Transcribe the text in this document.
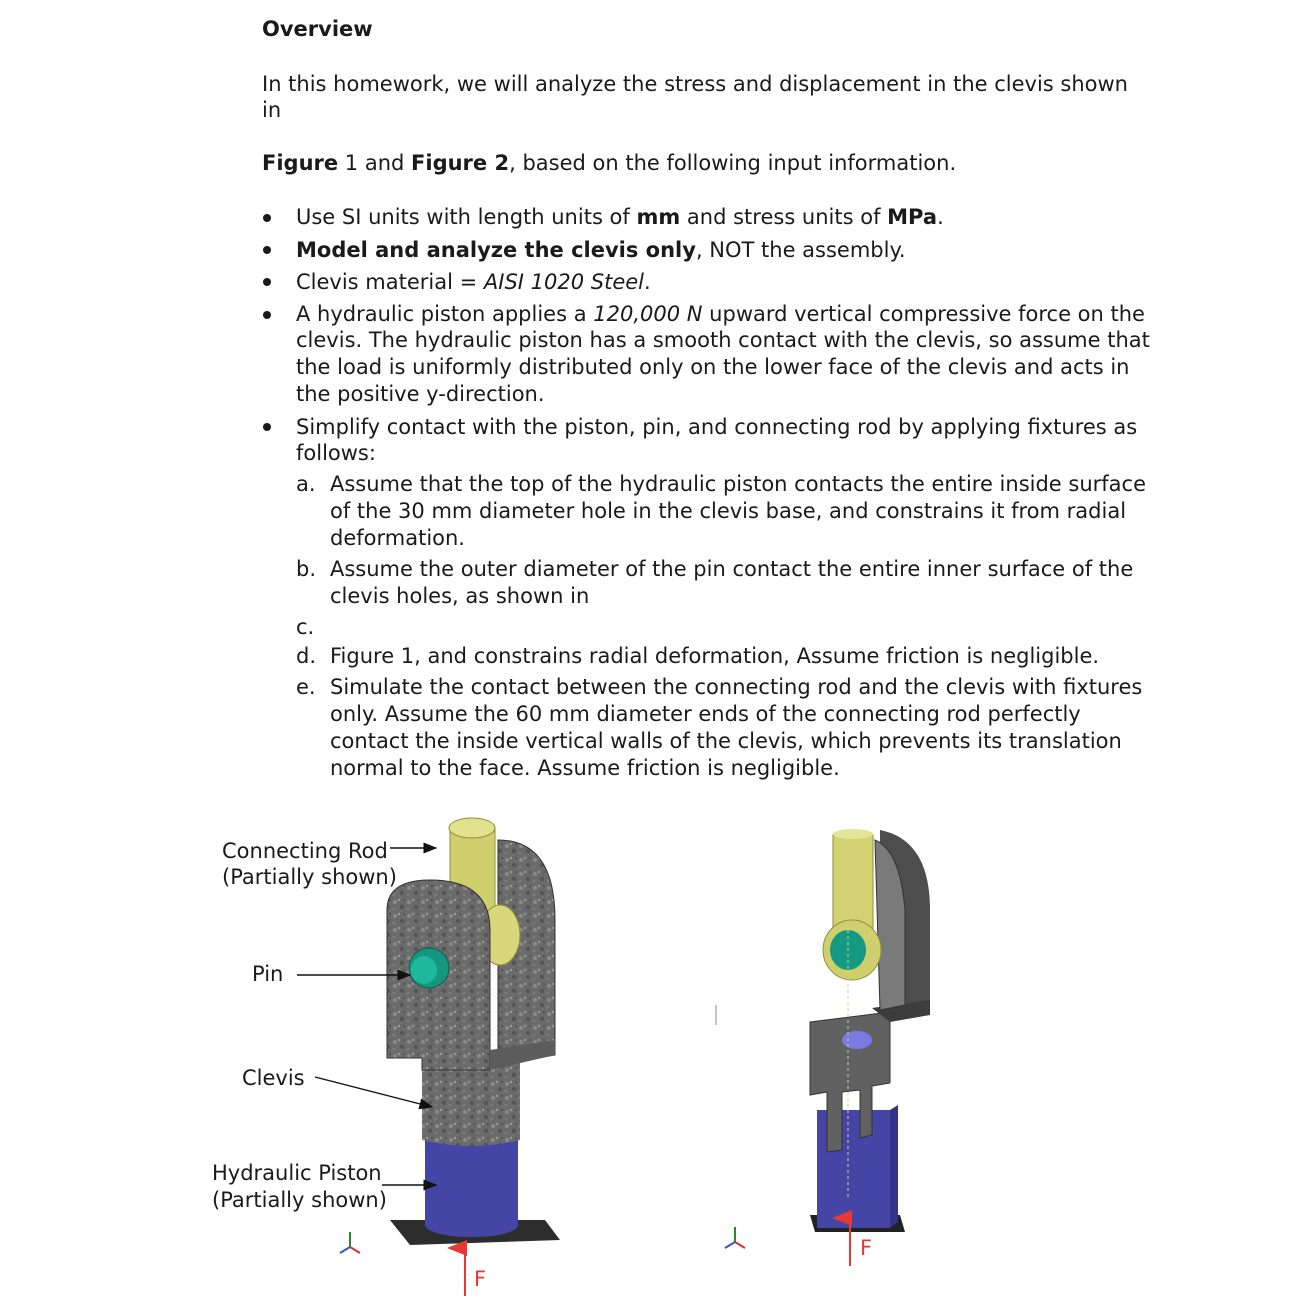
Overview
In this homework, we will analyze the stress and displacement in the clevis shown
in
Figure 1 and Figure 2, based on the following input information.
Use SI units with length units of mm and stress units of MPa.
Model and analyze the clevis only, NOT the assembly.
Clevis material = AISI 1020 Steel.
A hydraulic piston applies a 120,000 N upward vertical compressive force on the
clevis. The hydraulic piston has a smooth contact with the clevis, so assume that
the load is uniformly distributed only on the lower face of the clevis and acts in
the positive y-direction.
Simplify contact with the piston, pin, and connecting rod by applying fixtures as
follows:
a. Assume that the top of the hydraulic piston contacts the entire inside surface
of the 30 mm diameter hole in the clevis base, and constrains it from radial
deformation.
b. Assume the outer diameter of the pin contact the entire inner surface of the
clevis holes, as shown in
c.
d. Figure 1, and constrains radial deformation, Assume friction is negligible.
e. Simulate the contact between the connecting rod and the clevis with fixtures
only. Assume the 60 mm diameter ends of the connecting rod perfectly
contact the inside vertical walls of the clevis, which prevents its translation
normal to the face. Assume friction is negligible.
Connecting Rod
(Partially shown)
Pin
Clevis
Hydraulic Piston
(Partially shown)
F
F
